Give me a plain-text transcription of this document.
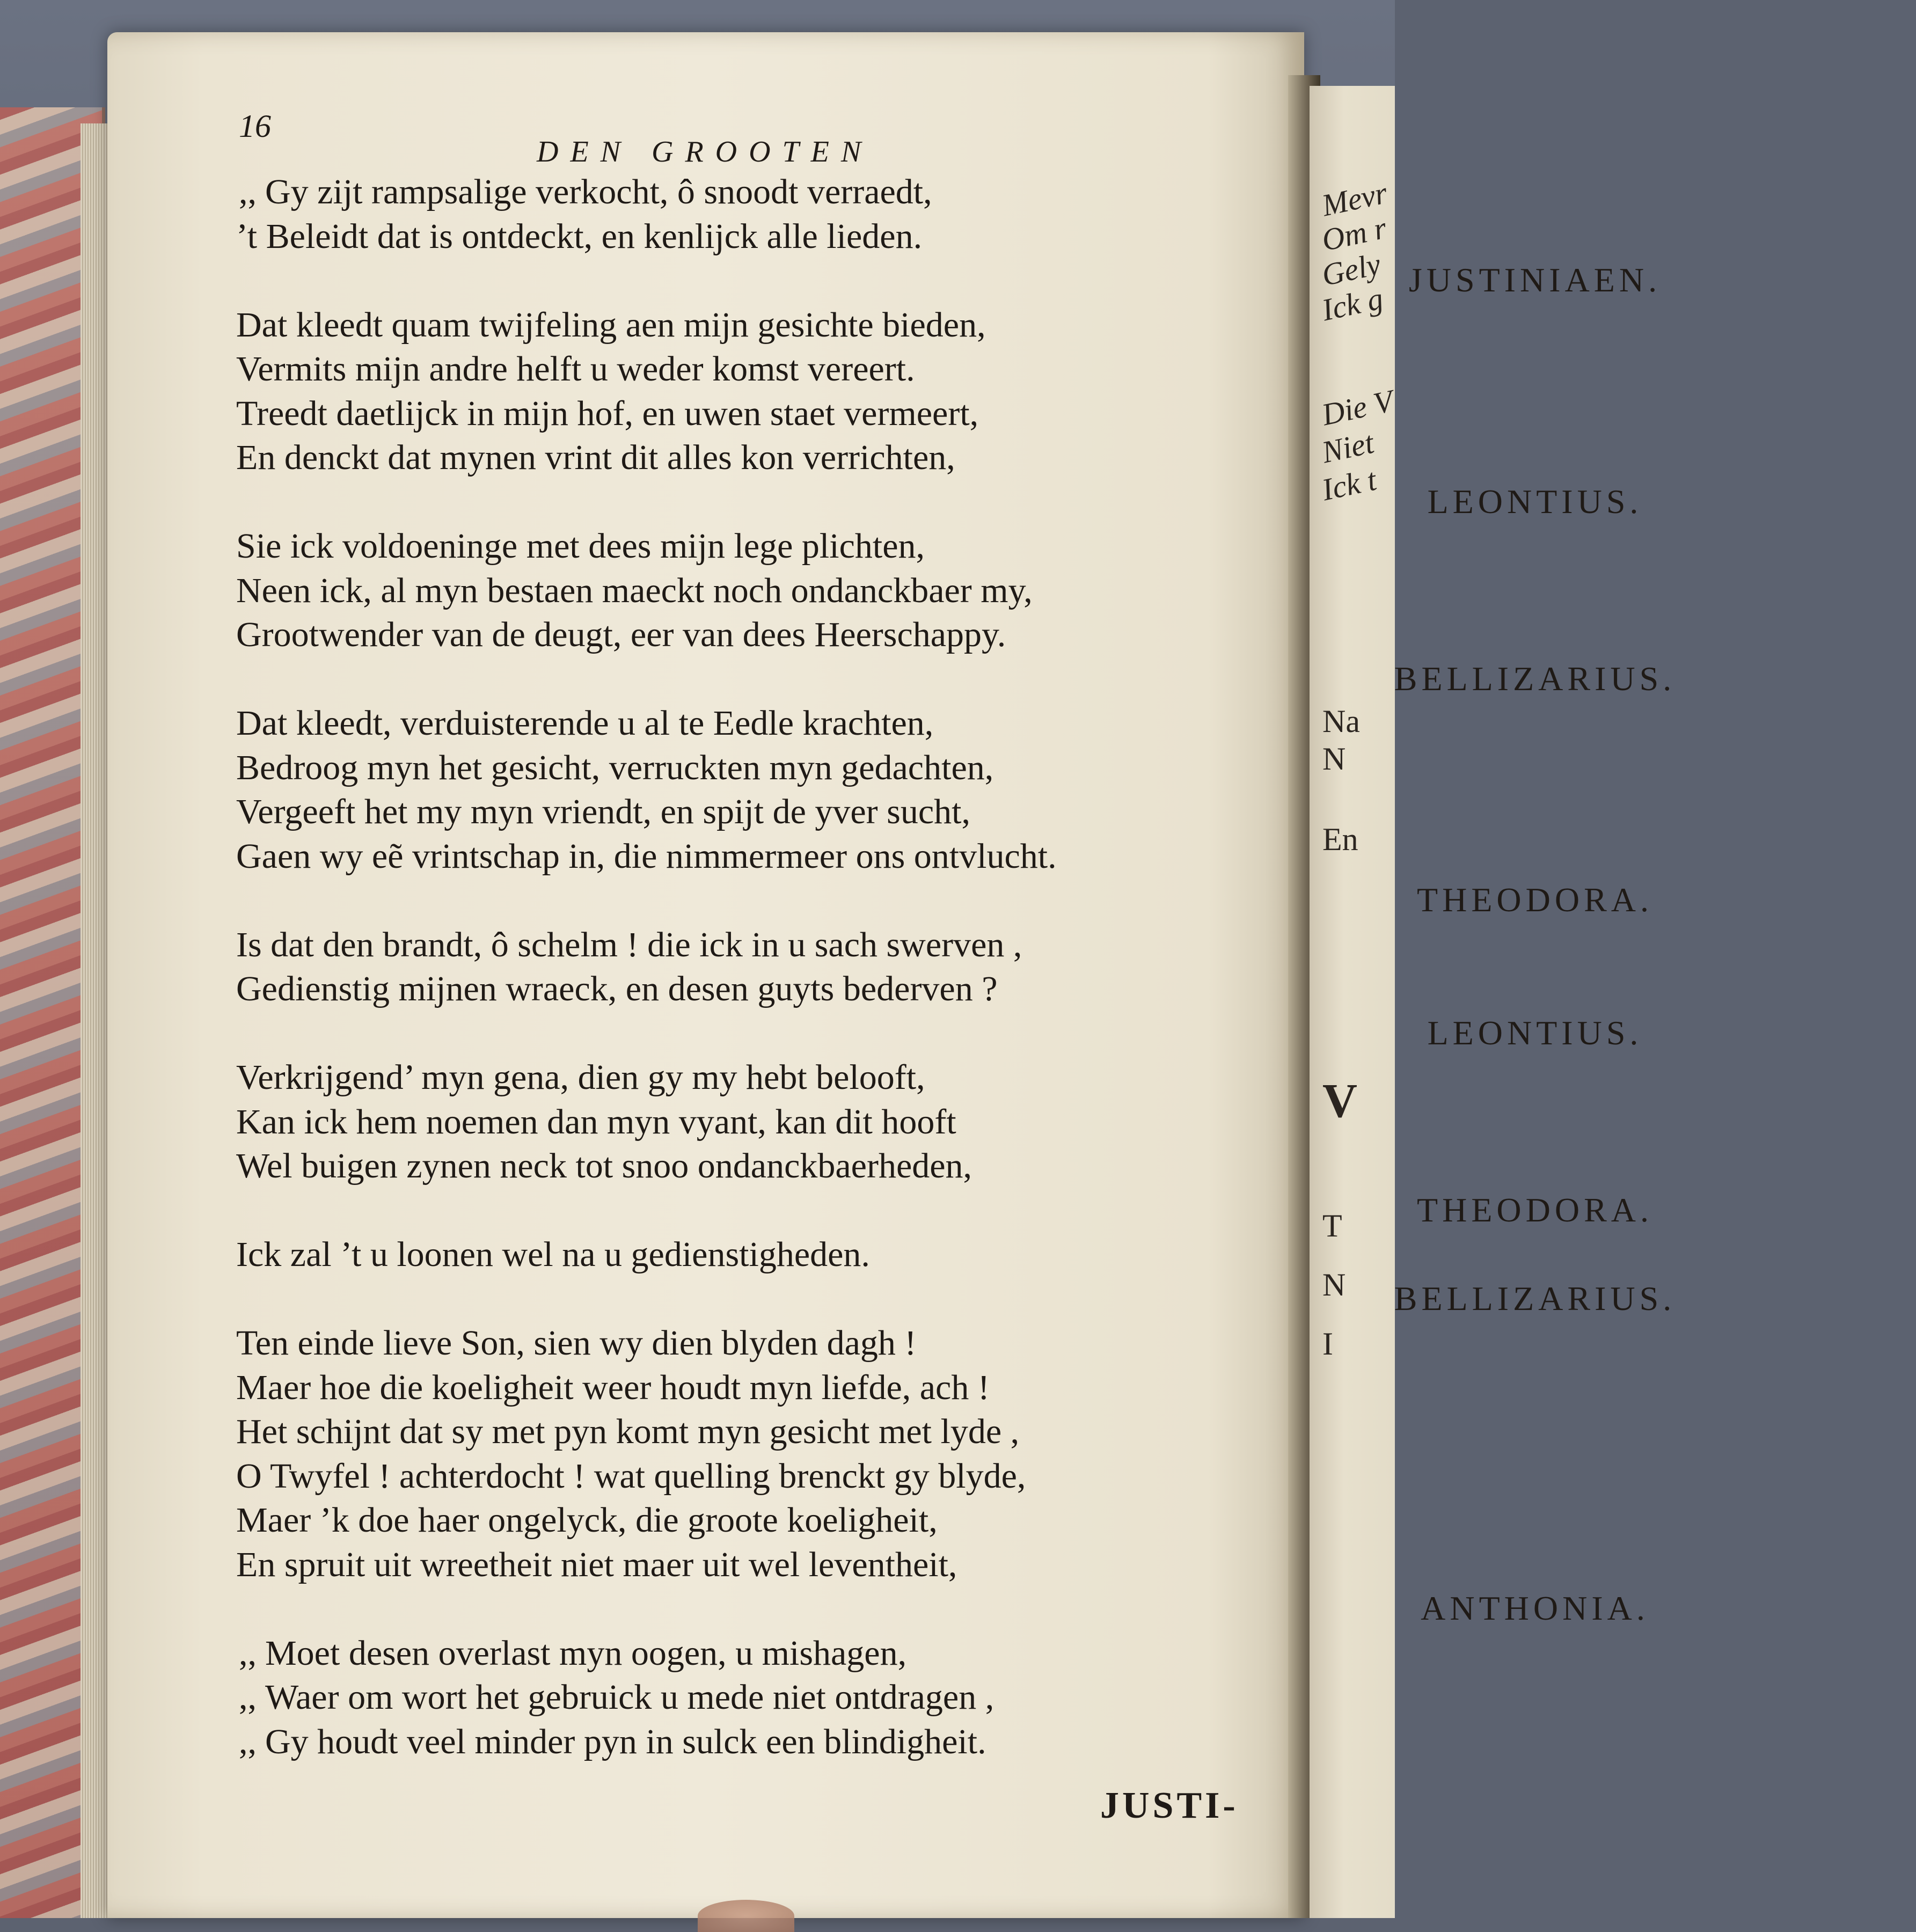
Mevr
Om r
Gely
Ick g
Die V
Niet
Ick t
Na
N
En
V
T
N
I
16
DEN GROOTEN
,, Gy zijt rampsalige verkocht, ô snoodt verraedt,
’t Beleidt dat is ontdeckt, en kenlijck alle lieden.
JUSTINIAEN.
Dat kleedt quam twijfeling aen mijn gesichte bieden,
Vermits mijn andre helft u weder komst vereert.
Treedt daetlijck in mijn hof, en uwen staet vermeert,
En denckt dat mynen vrint dit alles kon verrichten,
LEONTIUS.
Sie ick voldoeninge met dees mijn lege plichten,
Neen ick, al myn bestaen maeckt noch ondanckbaer my,
Grootwender van de deugt, eer van dees Heerschappy.
BELLIZARIUS.
Dat kleedt, verduisterende u al te Eedle krachten,
Bedroog myn het gesicht, verruckten myn gedachten,
Vergeeft het my myn vriendt, en spijt de yver sucht,
Gaen wy eẽ vrintschap in, die nimmermeer ons ontvlucht.
THEODORA.
Is dat den brandt, ô schelm ! die ick in u sach swerven ,
Gedienstig mijnen wraeck, en desen guyts bederven ?
LEONTIUS.
Verkrijgend’ myn gena, dien gy my hebt belooft,
Kan ick hem noemen dan myn vyant, kan dit hooft
Wel buigen zynen neck tot snoo ondanckbaerheden,
THEODORA.
Ick zal ’t u loonen wel na u gedienstigheden.
BELLIZARIUS.
Ten einde lieve Son, sien wy dien blyden dagh !
Maer hoe die koeligheit weer houdt myn liefde, ach !
Het schijnt dat sy met pyn komt myn gesicht met lyde ,
O Twyfel ! achterdocht ! wat quelling brenckt gy blyde,
Maer ’k doe haer ongelyck, die groote koeligheit,
En spruit uit wreetheit niet maer uit wel leventheit,
ANTHONIA.
,, Moet desen overlast myn oogen, u mishagen,
,, Waer om wort het gebruick u mede niet ontdragen ,
,, Gy houdt veel minder pyn in sulck een blindigheit.
JUSTI-
